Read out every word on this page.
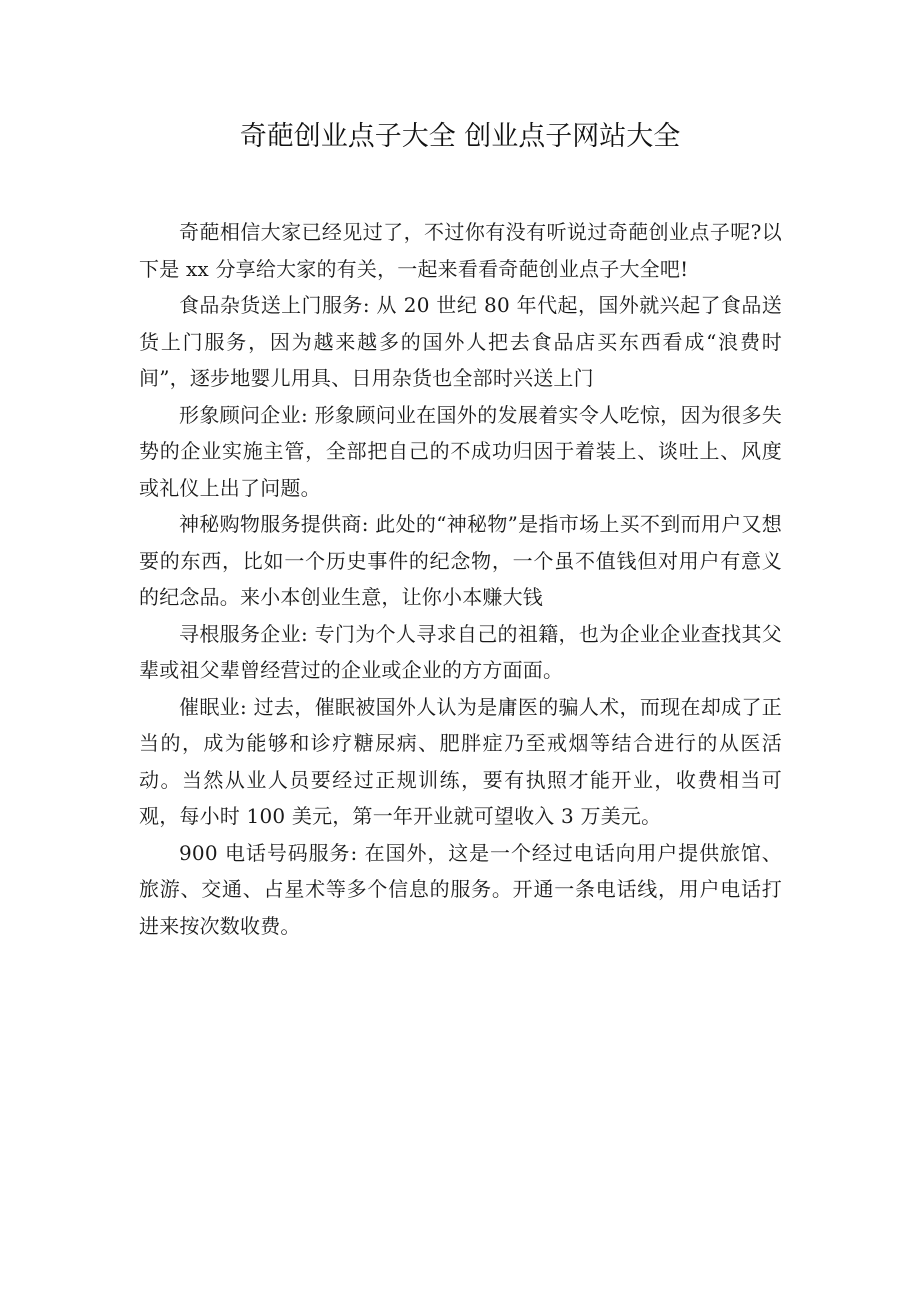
奇葩创业点子大全 创业点子网站大全

奇葩相信大家已经见过了，不过你有没有听说过奇葩创业点子呢?以下是 xx 分享给大家的有关，一起来看看奇葩创业点子大全吧!

食品杂货送上门服务: 从 20 世纪 80 年代起，国外就兴起了食品送货上门服务，因为越来越多的国外人把去食品店买东西看成“浪费时间”，逐步地婴儿用具、日用杂货也全部时兴送上门

形象顾问企业: 形象顾问业在国外的发展着实令人吃惊，因为很多失势的企业实施主管，全部把自己的不成功归因于着装上、谈吐上、风度或礼仪上出了问题。

神秘购物服务提供商: 此处的“神秘物”是指市场上买不到而用户又想要的东西，比如一个历史事件的纪念物，一个虽不值钱但对用户有意义的纪念品。来小本创业生意，让你小本赚大钱

寻根服务企业: 专门为个人寻求自己的祖籍，也为企业企业查找其父辈或祖父辈曾经营过的企业或企业的方方面面。

催眠业: 过去，催眠被国外人认为是庸医的骗人术，而现在却成了正当的，成为能够和诊疗糖尿病、肥胖症乃至戒烟等结合进行的从医活动。当然从业人员要经过正规训练，要有执照才能开业，收费相当可观，每小时 100 美元，第一年开业就可望收入 3 万美元。

900 电话号码服务: 在国外，这是一个经过电话向用户提供旅馆、旅游、交通、占星术等多个信息的服务。开通一条电话线，用户电话打进来按次数收费。
